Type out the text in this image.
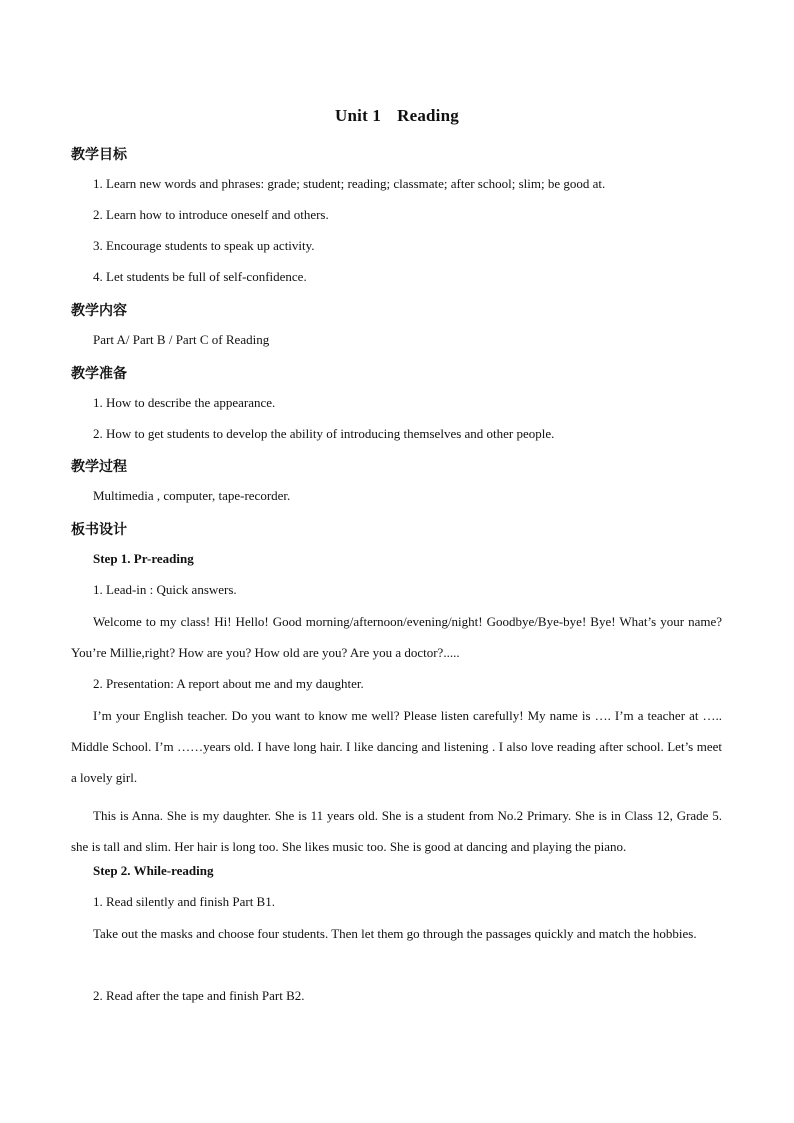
Unit 1 Reading
教学目标
1. Learn new words and phrases: grade; student; reading; classmate; after school; slim; be good at.
2. Learn how to introduce oneself and others.
3. Encourage students to speak up activity.
4. Let students be full of self-confidence.
教学内容
Part A/ Part B / Part C of Reading
教学准备
1. How to describe the appearance.
2. How to get students to develop the ability of introducing themselves and other people.
教学过程
Multimedia , computer, tape-recorder.
板书设计
Step 1. Pr-reading
1. Lead-in : Quick answers.
Welcome to my class! Hi! Hello! Good morning/afternoon/evening/night! Goodbye/Bye-bye! Bye! What’s your name? You’re Millie,right? How are you? How old are you? Are you a doctor?.....
2. Presentation: A report about me and my daughter.
I’m your English teacher. Do you want to know me well? Please listen carefully! My name is …. I’m a teacher at ….. Middle School. I’m ……years old. I have long hair. I like dancing and listening . I also love reading after school. Let’s meet a lovely girl.
This is Anna. She is my daughter. She is 11 years old. She is a student from No.2 Primary. She is in Class 12, Grade 5. she is tall and slim. Her hair is long too. She likes music too. She is good at dancing and playing the piano.
Step 2. While-reading
1. Read silently and finish Part B1.
Take out the masks and choose four students. Then let them go through the passages quickly and match the hobbies.
2. Read after the tape and finish Part B2.
